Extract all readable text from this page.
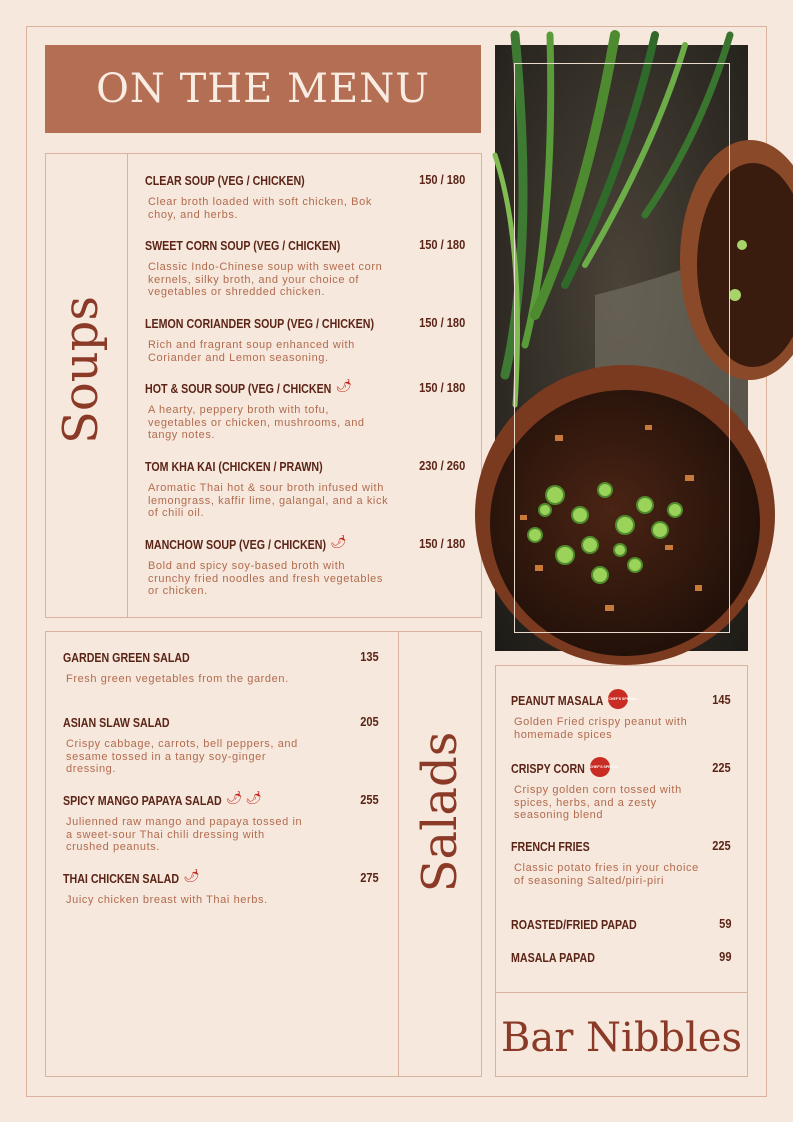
ON THE MENU
Soups
CLEAR SOUP (VEG / CHICKEN)	150 / 180
Clear broth loaded with soft chicken, Bok choy, and herbs.
SWEET CORN SOUP (VEG / CHICKEN)	150 / 180
Classic Indo-Chinese soup with sweet corn kernels, silky broth, and your choice of vegetables or shredded chicken.
LEMON CORIANDER SOUP (VEG / CHICKEN)	150 / 180
Rich and fragrant soup enhanced with Coriander and Lemon seasoning.
HOT & SOUR SOUP (VEG / CHICKEN 🌶	150 / 180
A hearty, peppery broth with tofu, vegetables or chicken, mushrooms, and tangy notes.
TOM KHA KAI (CHICKEN / PRAWN)	230 / 260
Aromatic Thai hot & sour broth infused with lemongrass, kaffir lime, galangal, and a kick of chili oil.
MANCHOW SOUP (VEG / CHICKEN) 🌶	150 / 180
Bold and spicy soy-based broth with crunchy fried noodles and fresh vegetables or chicken.
Salads
GARDEN GREEN SALAD	135
Fresh green vegetables from the garden.
ASIAN SLAW SALAD	205
Crispy cabbage, carrots, bell peppers, and sesame tossed in a tangy soy-ginger dressing.
SPICY MANGO PAPAYA SALAD 🌶 🌶	255
Julienned raw mango and papaya tossed in a sweet-sour Thai chili dressing with crushed peanuts.
THAI CHICKEN SALAD 🌶	275
Juicy chicken breast with Thai herbs.
Bar Nibbles
PEANUT MASALA	CHEF'S SPECIAL	145
Golden Fried crispy peanut with homemade spices
CRISPY CORN	CHEF'S SPECIAL	225
Crispy golden corn tossed with spices, herbs, and a zesty seasoning blend
FRENCH FRIES	225
Classic potato fries in your choice of seasoning Salted/piri-piri
ROASTED/FRIED PAPAD	59
MASALA PAPAD	99
